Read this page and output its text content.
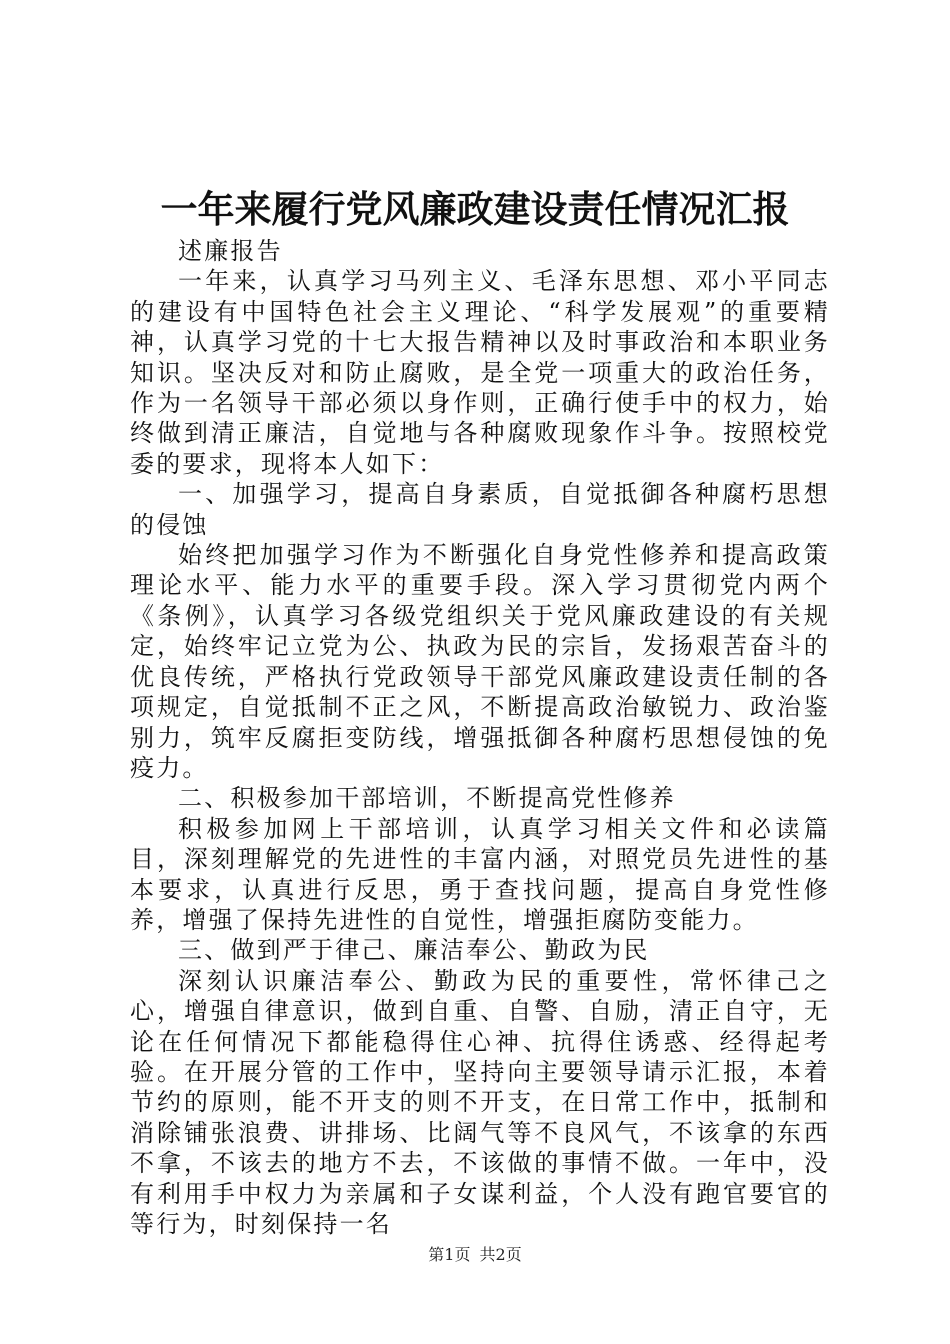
一年来履行党风廉政建设责任情况汇报

述廉报告

一年来，认真学习马列主义、毛泽东思想、邓小平同志的建设有中国特色社会主义理论、“科学发展观”的重要精神，认真学习党的十七大报告精神以及时事政治和本职业务知识。坚决反对和防止腐败，是全党一项重大的政治任务，作为一名领导干部必须以身作则，正确行使手中的权力，始终做到清正廉洁，自觉地与各种腐败现象作斗争。按照校党委的要求，现将本人如下：

一、加强学习，提高自身素质，自觉抵御各种腐朽思想的侵蚀

始终把加强学习作为不断强化自身党性修养和提高政策理论水平、能力水平的重要手段。深入学习贯彻党内两个《条例》，认真学习各级党组织关于党风廉政建设的有关规定，始终牢记立党为公、执政为民的宗旨，发扬艰苦奋斗的优良传统，严格执行党政领导干部党风廉政建设责任制的各项规定，自觉抵制不正之风，不断提高政治敏锐力、政治鉴别力，筑牢反腐拒变防线，增强抵御各种腐朽思想侵蚀的免疫力。

二、积极参加干部培训，不断提高党性修养

积极参加网上干部培训，认真学习相关文件和必读篇目，深刻理解党的先进性的丰富内涵，对照党员先进性的基本要求，认真进行反思，勇于查找问题，提高自身党性修养，增强了保持先进性的自觉性，增强拒腐防变能力。

三、做到严于律己、廉洁奉公、勤政为民

深刻认识廉洁奉公、勤政为民的重要性，常怀律己之心，增强自律意识，做到自重、自警、自励，清正自守，无论在任何情况下都能稳得住心神、抗得住诱惑、经得起考验。在开展分管的工作中，坚持向主要领导请示汇报，本着节约的原则，能不开支的则不开支，在日常工作中，抵制和消除铺张浪费、讲排场、比阔气等不良风气，不该拿的东西不拿，不该去的地方不去，不该做的事情不做。一年中，没有利用手中权力为亲属和子女谋利益，个人没有跑官要官的等行为，时刻保持一名

第1页 共2页
